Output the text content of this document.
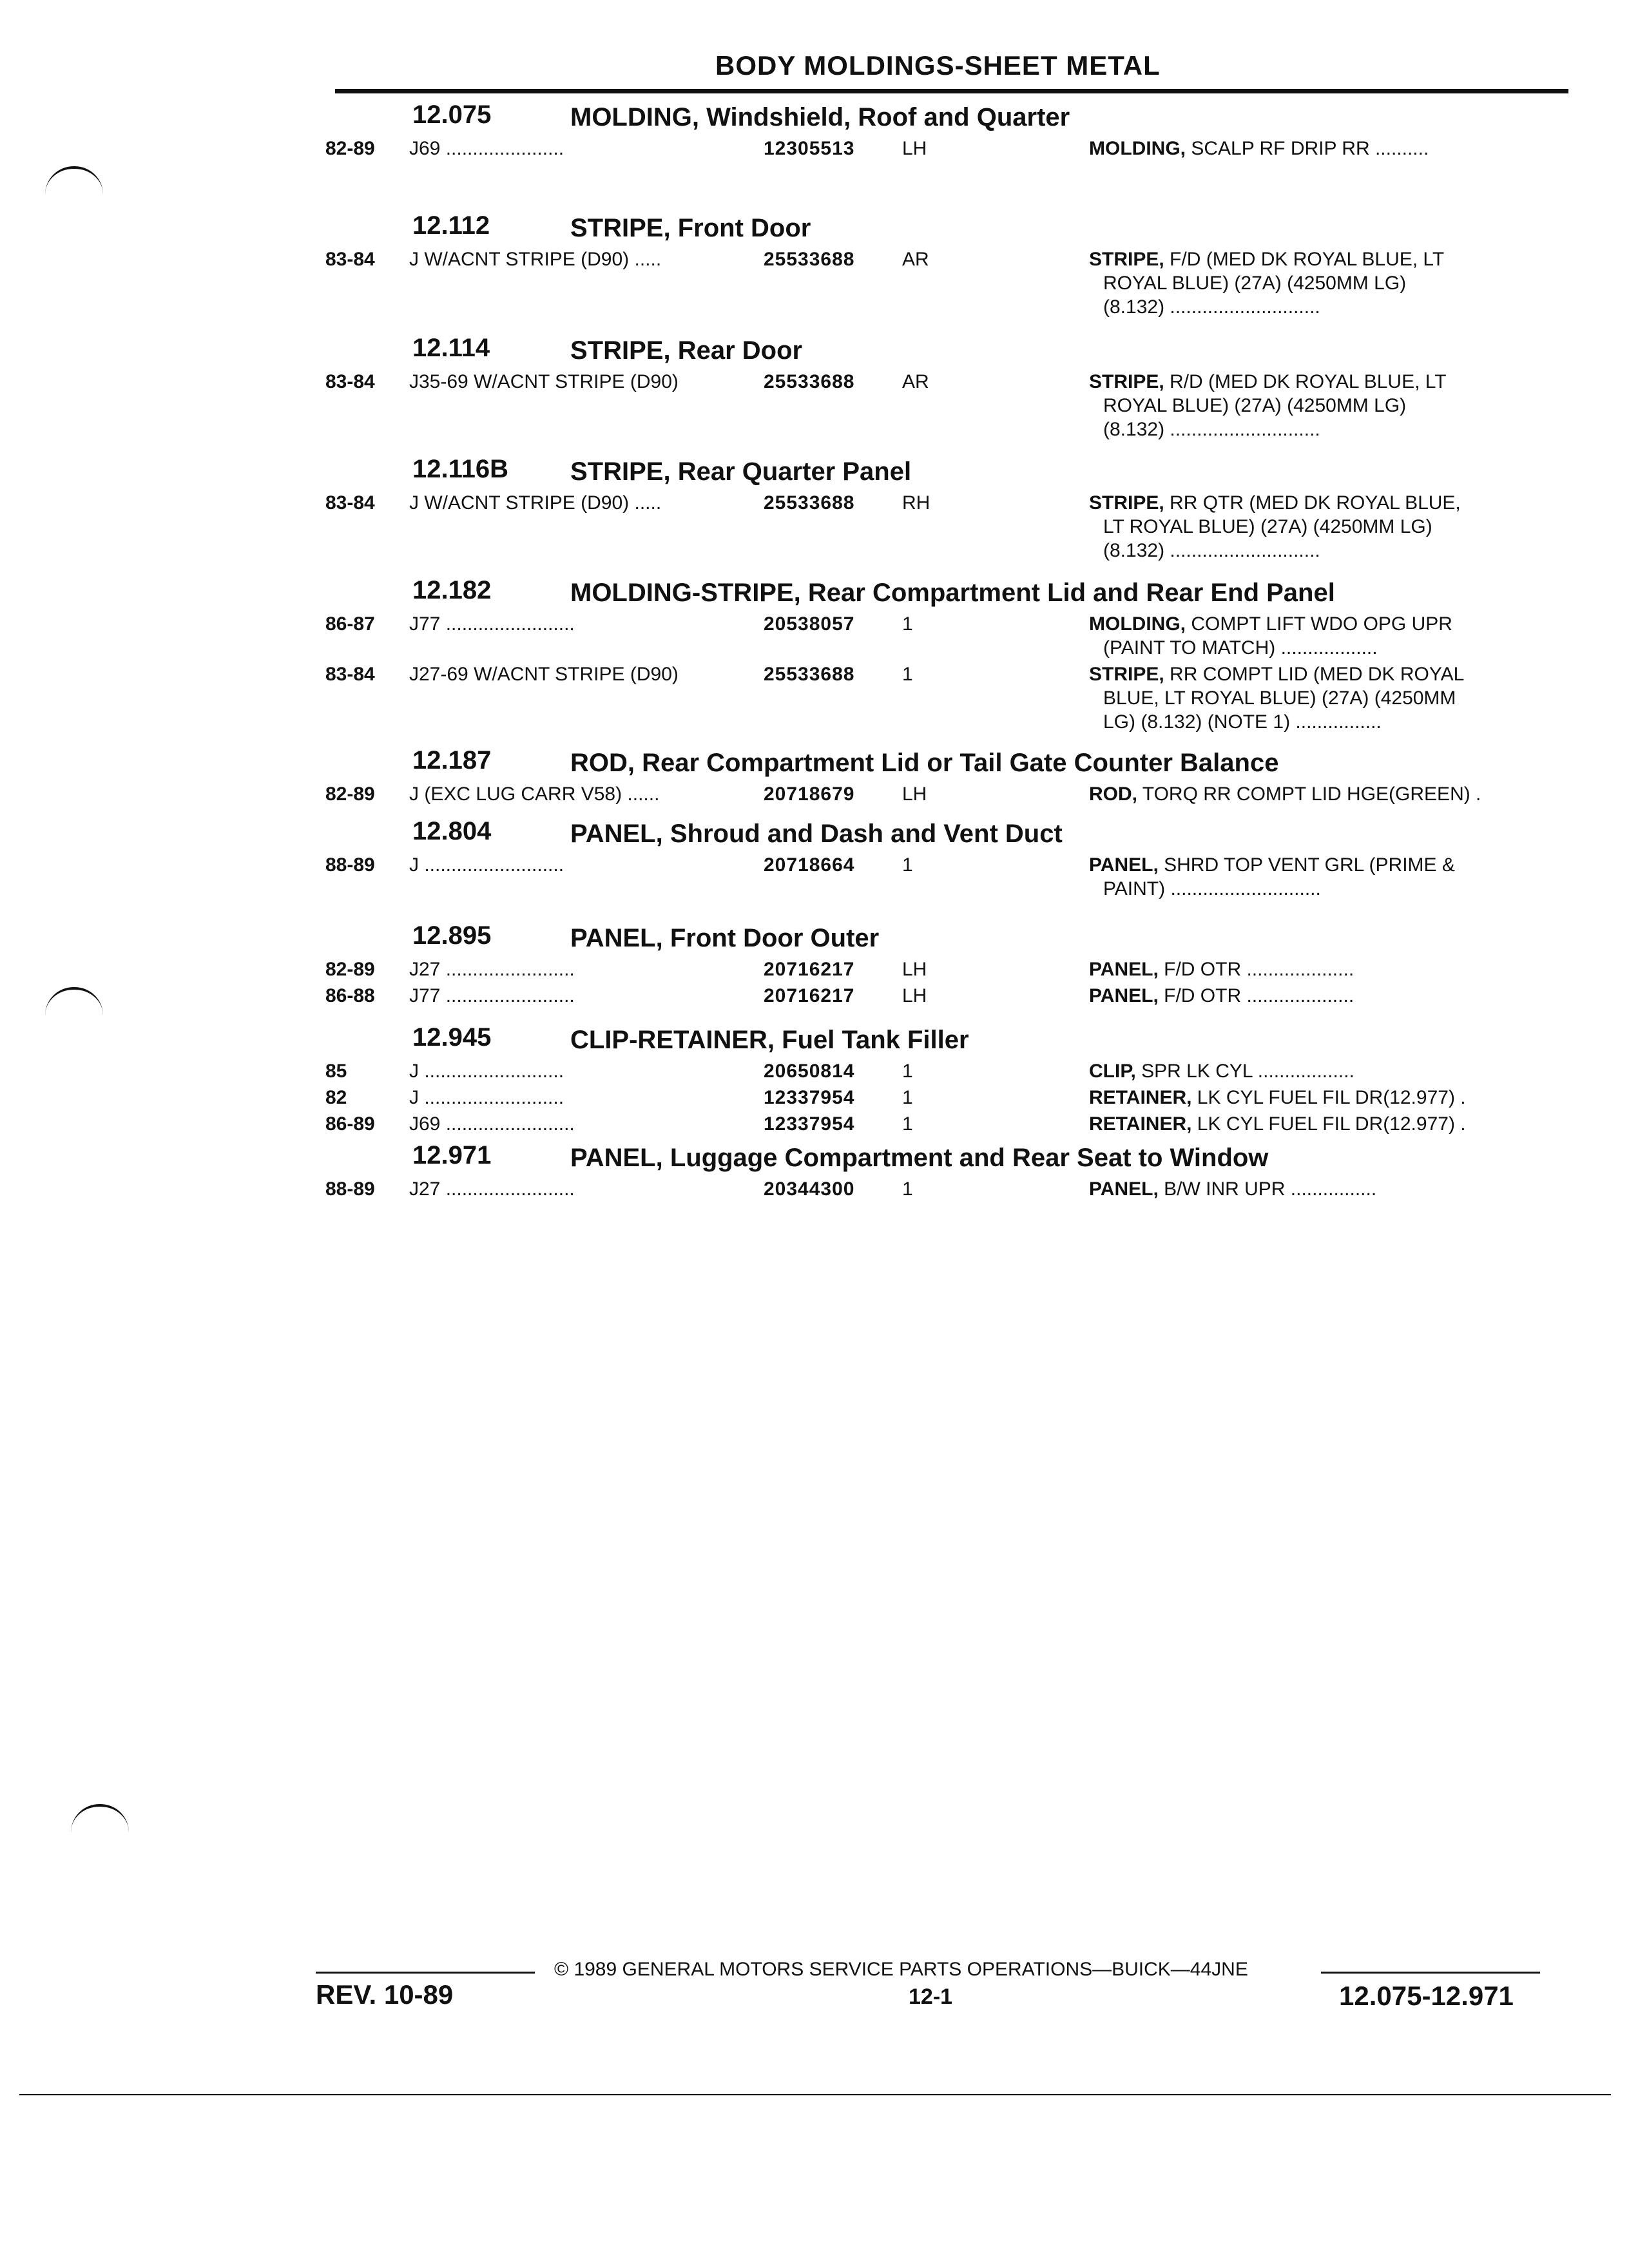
BODY MOLDINGS-SHEET METAL
12.075	MOLDING, Windshield, Roof and Quarter
82-89 J69 ......................	12305513 LH	MOLDING, SCALP RF DRIP RR ..........
12.112	STRIPE, Front Door
83-84 J W/ACNT STRIPE (D90) .....	25533688 AR	STRIPE, F/D (MED DK ROYAL BLUE, LT
ROYAL BLUE) (27A) (4250MM LG)
(8.132) ............................
12.114	STRIPE, Rear Door
83-84 J35-69 W/ACNT STRIPE (D90)	25533688 AR	STRIPE, R/D (MED DK ROYAL BLUE, LT
ROYAL BLUE) (27A) (4250MM LG)
(8.132) ............................
12.116B STRIPE, Rear Quarter Panel
83-84 J W/ACNT STRIPE (D90) .....	25533688 RH	STRIPE, RR QTR (MED DK ROYAL BLUE,
LT ROYAL BLUE) (27A) (4250MM LG)
(8.132) ............................
12.182	MOLDING-STRIPE, Rear Compartment Lid and Rear End Panel
86-87 J77 ........................	20538057 1	MOLDING, COMPT LIFT WDO OPG UPR
(PAINT TO MATCH) ..................
83-84 J27-69 W/ACNT STRIPE (D90)	25533688 1	STRIPE, RR COMPT LID (MED DK ROYAL
BLUE, LT ROYAL BLUE) (27A) (4250MM
LG) (8.132) (NOTE 1) ................
12.187	ROD, Rear Compartment Lid or Tail Gate Counter Balance
82-89 J (EXC LUG CARR V58) ......	20718679 LH	ROD, TORQ RR COMPT LID HGE(GREEN) .
12.804	PANEL, Shroud and Dash and Vent Duct
88-89 J ..........................	20718664 1	PANEL, SHRD TOP VENT GRL (PRIME &
PAINT) ............................
12.895	PANEL, Front Door Outer
82-89 J27 ........................	20716217 LH	PANEL, F/D OTR ....................
86-88 J77 ........................	20716217 LH	PANEL, F/D OTR ....................
12.945	CLIP-RETAINER, Fuel Tank Filler
85	J ..........................	20650814 1	CLIP, SPR LK CYL ..................
82	J ..........................	12337954 1	RETAINER, LK CYL FUEL FIL DR(12.977) .
86-89 J69 ........................	12337954 1	RETAINER, LK CYL FUEL FIL DR(12.977) .
12.971	PANEL, Luggage Compartment and Rear Seat to Window
88-89 J27 ........................	20344300 1	PANEL, B/W INR UPR ................
© 1989 GENERAL MOTORS SERVICE PARTS OPERATIONS—BUICK—44JNE
REV. 10-89	12-1	12.075-12.971
